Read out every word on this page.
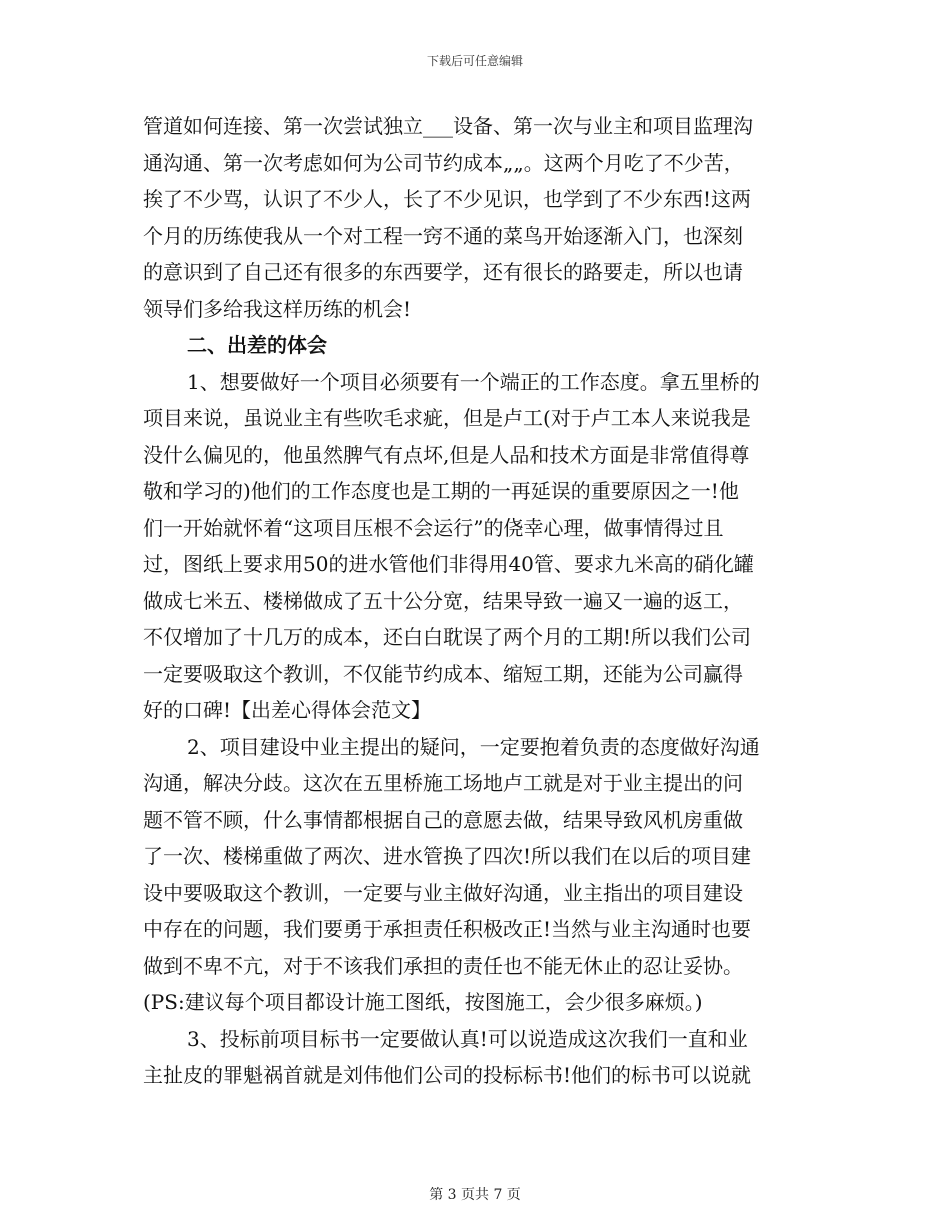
下载后可任意编辑
管道如何连接、第一次尝试独立___设备、第一次与业主和项目监理沟
通沟通、第一次考虑如何为公司节约成本„„。这两个月吃了不少苦，
挨了不少骂，认识了不少人，长了不少见识，也学到了不少东西!这两
个月的历练使我从一个对工程一窍不通的菜鸟开始逐渐入门，也深刻
的意识到了自己还有很多的东西要学，还有很长的路要走，所以也请
领导们多给我这样历练的机会!
二、出差的体会
1、想要做好一个项目必须要有一个端正的工作态度。拿五里桥的
项目来说，虽说业主有些吹毛求疵，但是卢工(对于卢工本人来说我是
没什么偏见的，他虽然脾气有点坏,但是人品和技术方面是非常值得尊
敬和学习的)他们的工作态度也是工期的一再延误的重要原因之一!他
们一开始就怀着“这项目压根不会运行”的侥幸心理，做事情得过且
过，图纸上要求用50的进水管他们非得用40管、要求九米高的硝化罐
做成七米五、楼梯做成了五十公分宽，结果导致一遍又一遍的返工，
不仅增加了十几万的成本，还白白耽误了两个月的工期!所以我们公司
一定要吸取这个教训，不仅能节约成本、缩短工期，还能为公司赢得
好的口碑!【出差心得体会范文】
2、项目建设中业主提出的疑问，一定要抱着负责的态度做好沟通
沟通，解决分歧。这次在五里桥施工场地卢工就是对于业主提出的问
题不管不顾，什么事情都根据自己的意愿去做，结果导致风机房重做
了一次、楼梯重做了两次、进水管换了四次!所以我们在以后的项目建
设中要吸取这个教训，一定要与业主做好沟通，业主指出的项目建设
中存在的问题，我们要勇于承担责任积极改正!当然与业主沟通时也要
做到不卑不亢，对于不该我们承担的责任也不能无休止的忍让妥协。
(PS:建议每个项目都设计施工图纸，按图施工，会少很多麻烦。)
3、投标前项目标书一定要做认真!可以说造成这次我们一直和业
主扯皮的罪魁祸首就是刘伟他们公司的投标标书!他们的标书可以说就
第 3 页共 7 页
